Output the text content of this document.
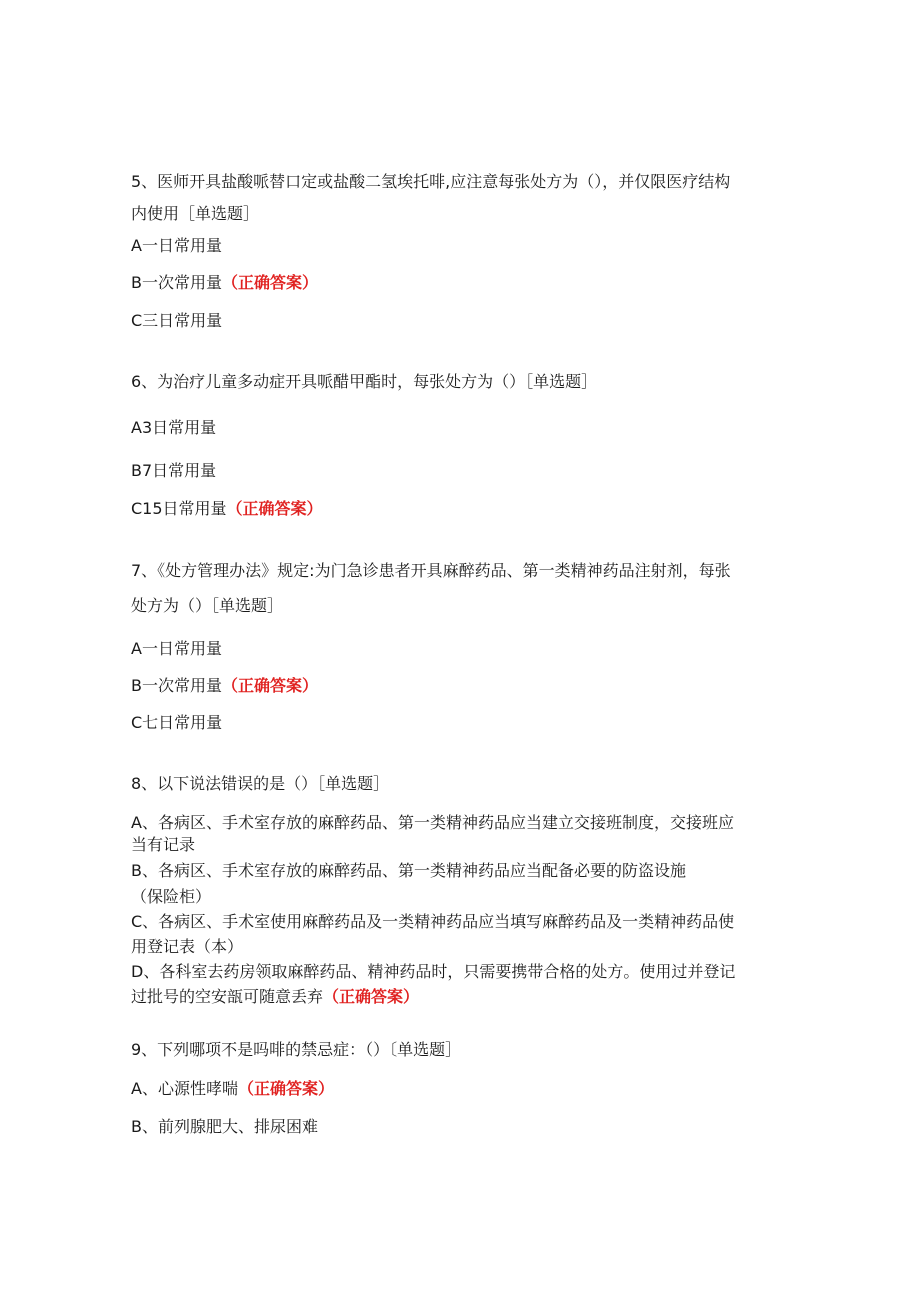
5、医师开具盐酸哌替口定或盐酸二氢埃托啡,应注意每张处方为（），并仅限医疗结构
内使用［单选题］
A一日常用量
B一次常用量（正确答案）
C三日常用量
6、为治疗儿童多动症开具哌醋甲酯时，每张处方为（）［单选题］
A3日常用量
B7日常用量
C15日常用量（正确答案）
7、《处方管理办法》规定:为门急诊患者开具麻醉药品、第一类精神药品注射剂，每张
处方为（）［单选题］
A一日常用量
B一次常用量（正确答案）
C七日常用量
8、以下说法错误的是（）［单选题］
A、各病区、手术室存放的麻醉药品、第一类精神药品应当建立交接班制度，交接班应
当有记录
B、各病区、手术室存放的麻醉药品、第一类精神药品应当配备必要的防盗设施
（保险柜）
C、各病区、手术室使用麻醉药品及一类精神药品应当填写麻醉药品及一类精神药品使
用登记表（本）
D、各科室去药房领取麻醉药品、精神药品时，只需要携带合格的处方。使用过并登记
过批号的空安瓿可随意丢弃（正确答案）
9、下列哪项不是吗啡的禁忌症：（）〔单选题］
A、心源性哮喘（正确答案）
B、前列腺肥大、排尿困难
